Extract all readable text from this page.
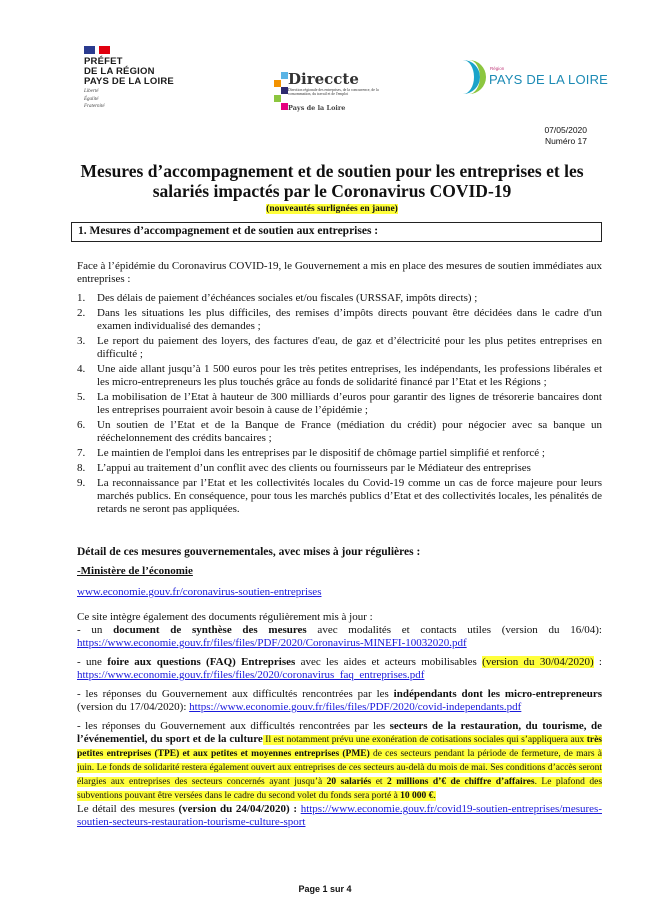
PRÉFET
DE LA RÉGION
PAYS DE LA LOIRE
Liberté
Égalité
Fraternité
Direccte
Direction régionale des entreprises, de la concurrence, de la consommation, du travail et de l'emploi
Pays de la Loire
Région
PAYS DE LA LOIRE
07/05/2020
Numéro 17
Mesures d’accompagnement et de soutien pour les entreprises et les salariés impactés par le Coronavirus COVID-19
(nouveautés surlignées en jaune)
1. Mesures d’accompagnement et de soutien aux entreprises :

Face à l’épidémie du Coronavirus COVID-19, le Gouvernement a mis en place des mesures de soutien immédiates aux entreprises :

1. Des délais de paiement d’échéances sociales et/ou fiscales (URSSAF, impôts directs) ;
2. Dans les situations les plus difficiles, des remises d’impôts directs pouvant être décidées dans le cadre d'un examen individualisé des demandes ;
3. Le report du paiement des loyers, des factures d'eau, de gaz et d’électricité pour les plus petites entreprises en difficulté ;
4. Une aide allant jusqu’à 1 500 euros pour les très petites entreprises, les indépendants, les professions libérales et les micro-entrepreneurs les plus touchés grâce au fonds de solidarité financé par l’Etat et les Régions ;
5. La mobilisation de l’Etat à hauteur de 300 milliards d’euros pour garantir des lignes de trésorerie bancaires dont les entreprises pourraient avoir besoin à cause de l’épidémie ;
6. Un soutien de l’Etat et de la Banque de France (médiation du crédit) pour négocier avec sa banque un rééchelonnement des crédits bancaires ;
7. Le maintien de l'emploi dans les entreprises par le dispositif de chômage partiel simplifié et renforcé ;
8. L’appui au traitement d’un conflit avec des clients ou fournisseurs par le Médiateur des entreprises
9. La reconnaissance par l’Etat et les collectivités locales du Covid-19 comme un cas de force majeure pour leurs marchés publics. En conséquence, pour tous les marchés publics d’Etat et des collectivités locales, les pénalités de retards ne seront pas appliquées.

Détail de ces mesures gouvernementales, avec mises à jour régulières :

-Ministère de l’économie

www.economie.gouv.fr/coronavirus-soutien-entreprises

Ce site intègre également des documents régulièrement mis à jour :

- un document de synthèse des mesures avec modalités et contacts utiles (version du 16/04): https://www.economie.gouv.fr/files/files/PDF/2020/Coronavirus-MINEFI-10032020.pdf

- une foire aux questions (FAQ) Entreprises avec les aides et acteurs mobilisables (version du 30/04/2020) : https://www.economie.gouv.fr/files/files/2020/coronavirus_faq_entreprises.pdf

- les réponses du Gouvernement aux difficultés rencontrées par les indépendants dont les micro-entrepreneurs (version du 17/04/2020): https://www.economie.gouv.fr/files/files/PDF/2020/covid-independants.pdf

- les réponses du Gouvernement aux difficultés rencontrées par les secteurs de la restauration, du tourisme, de l’événementiel, du sport et de la culture Il est notamment prévu une exonération de cotisations sociales qui s’appliquera aux très petites entreprises (TPE) et aux petites et moyennes entreprises (PME) de ces secteurs pendant la période de fermeture, de mars à juin. Le fonds de solidarité restera également ouvert aux entreprises de ces secteurs au-delà du mois de mai. Ses conditions d’accès seront élargies aux entreprises des secteurs concernés ayant jusqu’à 20 salariés et 2 millions d’€ de chiffre d’affaires. Le plafond des subventions pouvant être versées dans le cadre du second volet du fonds sera porté à 10 000 €.

Le détail des mesures (version du 24/04/2020) : https://www.economie.gouv.fr/covid19-soutien-entreprises/mesures-soutien-secteurs-restauration-tourisme-culture-sport

Page 1 sur 4
